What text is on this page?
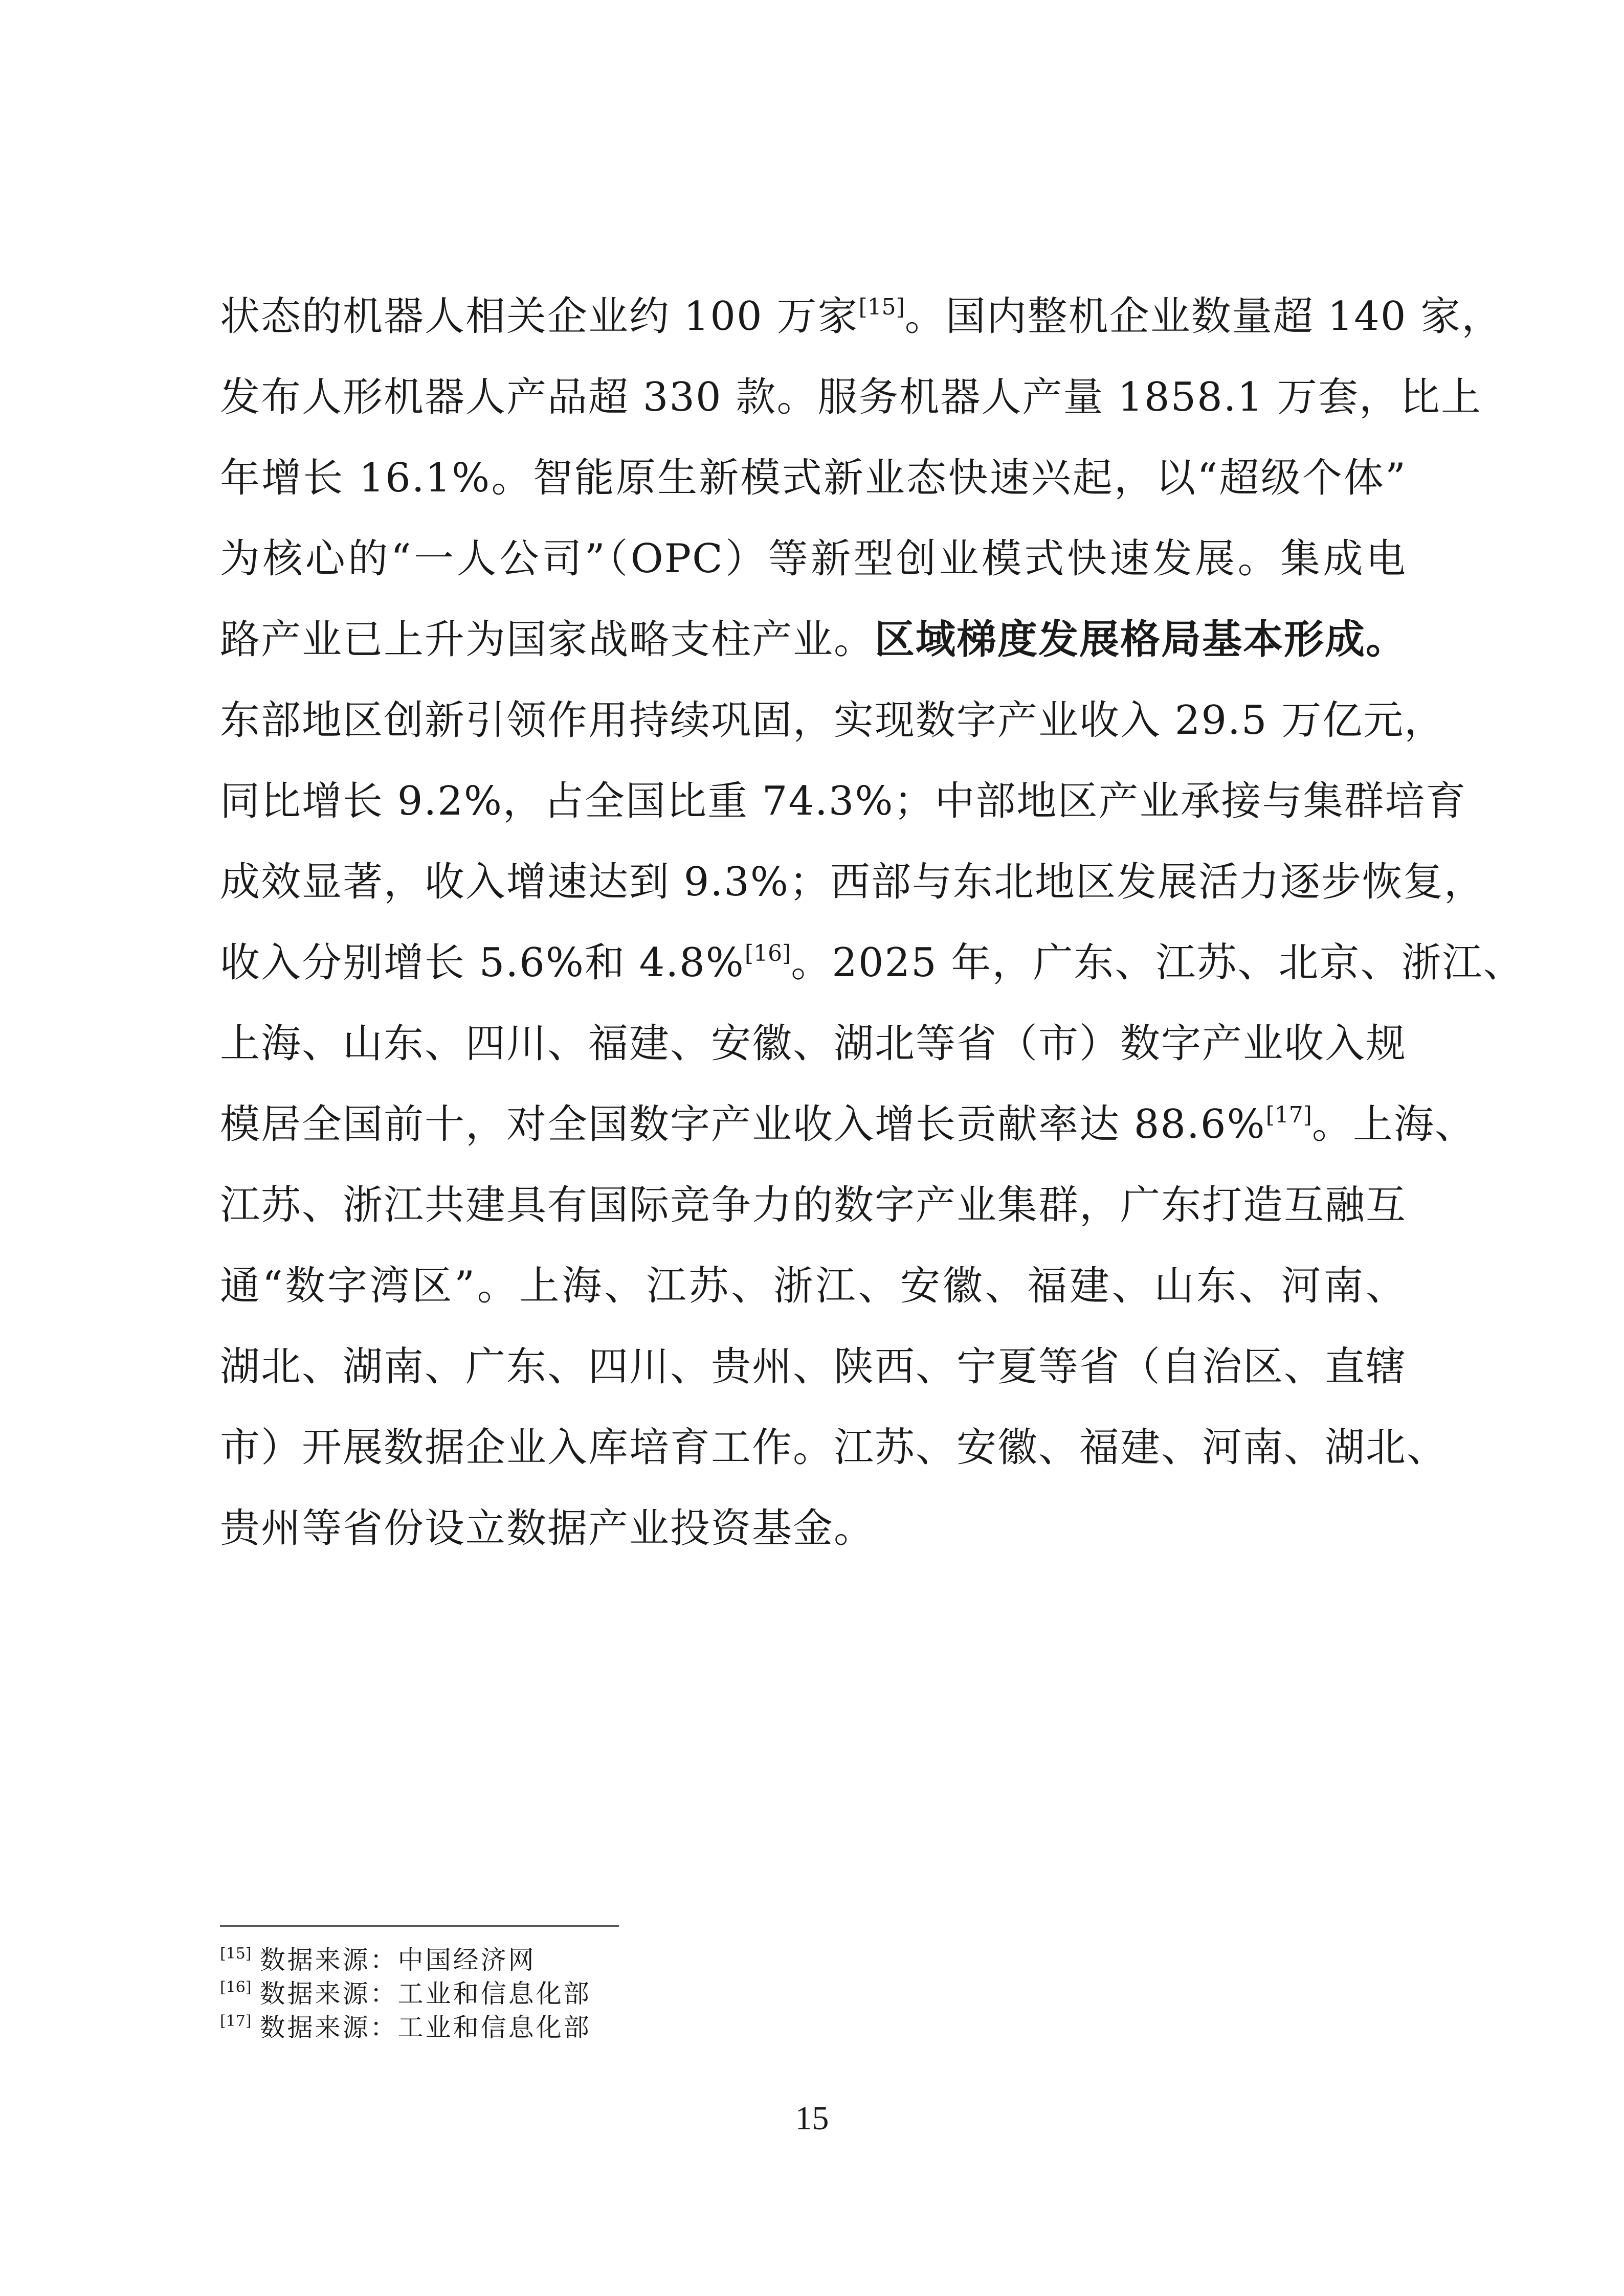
状态的机器人相关企业约 100 万家[15]。国内整机企业数量超 140 家，
发布人形机器人产品超 330 款。服务机器人产量 1858.1 万套，比上
年增长 16.1%。智能原生新模式新业态快速兴起，以“超级个体”
为核心的“一人公司”（OPC）等新型创业模式快速发展。集成电
路产业已上升为国家战略支柱产业。区域梯度发展格局基本形成。
东部地区创新引领作用持续巩固，实现数字产业收入 29.5 万亿元，
同比增长 9.2%，占全国比重 74.3%；中部地区产业承接与集群培育
成效显著，收入增速达到 9.3%；西部与东北地区发展活力逐步恢复，
收入分别增长 5.6%和 4.8%[16]。2025 年，广东、江苏、北京、浙江、
上海、山东、四川、福建、安徽、湖北等省（市）数字产业收入规
模居全国前十，对全国数字产业收入增长贡献率达 88.6%[17]。上海、
江苏、浙江共建具有国际竞争力的数字产业集群，广东打造互融互
通“数字湾区”。上海、江苏、浙江、安徽、福建、山东、河南、
湖北、湖南、广东、四川、贵州、陕西、宁夏等省（自治区、直辖
市）开展数据企业入库培育工作。江苏、安徽、福建、河南、湖北、
贵州等省份设立数据产业投资基金。
[15] 数据来源：中国经济网
[16] 数据来源：工业和信息化部
[17] 数据来源：工业和信息化部
15
